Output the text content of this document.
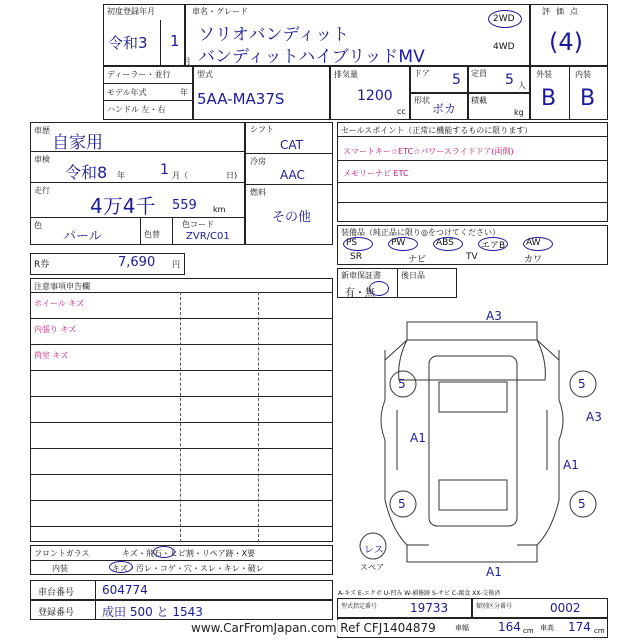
初度登録年月
令和3 1
月
車名・グレード
ソリオバンディット
バンディットハイブリッドMV
2WD
4WD
評価点
(4)
ディーラー・並行
モデル年式	年
ハンドル 左・右
型式
5AA-MA37S
排気量
1200
cc
ドア 5 定員 5 人
形状
ボカ
積載
kg
外装	内装
B B
車歴
自家用
車検
令和8 年	1 月（	日)
走行
4万4千 559 km
色
パール	色替
色コード
ZVR/C01
シフト
CAT
冷房
AAC
燃料
その他
R券	7,690 円
セールスポイント（正常に機能するものに限ります）
スマートキー☆ETC☆パワースライドドア(両側)
メモリーナビ ETC
装備品（純正品に限り◎をつけてください）
PS	PW	ABS	エアB AW
SR	ナビ	TV	カワ
新車保証書	後日品
有・無
注意事項申告欄
ホイール キズ
内張り キズ
荷室 キズ
A3
5	5
A3
A1
A1
5	5
A1
レス
スペア
フロントガラス	キズ・飛石・ヒビ割・リペア跡・X要
内装	キズ・汚レ・コゲ・穴・スレ・キレ・破レ
A-キズ E-エクボ U-凹み W-補修跡 S-サビ C-腐食 XX-交換済
車台番号 604774
登録番号 成田 500 と 1543	型式指定番号	19733	類別区分番号	0002
車幅 164 cm 車高 174 cm
www.CarFromJapan.com Ref CFJ1404879
